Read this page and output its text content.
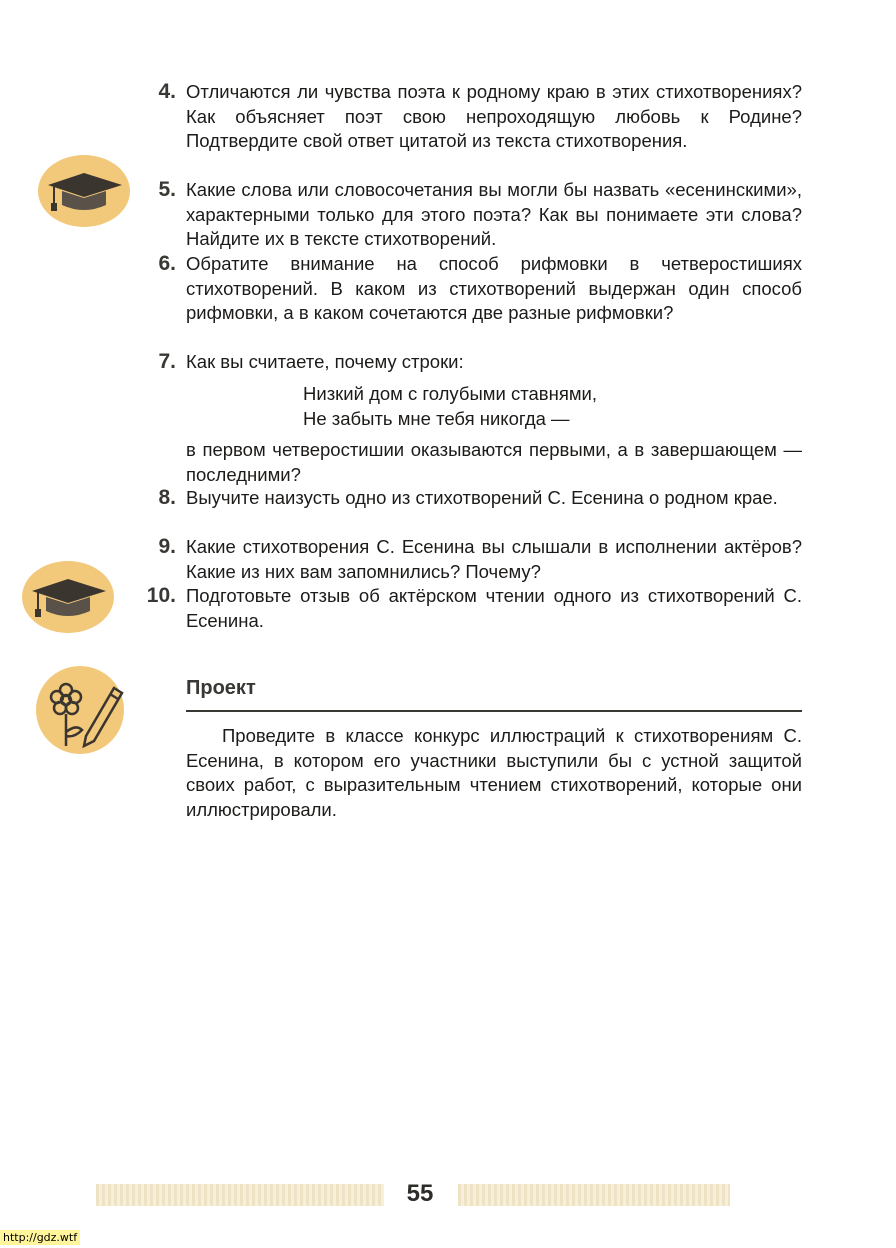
4. Отличаются ли чувства поэта к родному краю в этих стихотворениях? Как объясняет поэт свою непроходящую любовь к Родине? Подтвердите свой ответ цитатой из текста стихотворения.
5. Какие слова или словосочетания вы могли бы назвать «есенинскими», характерными только для этого поэта? Как вы понимаете эти слова? Найдите их в тексте стихотворений.
6. Обратите внимание на способ рифмовки в четверостишиях стихотворений. В каком из стихотворений выдержан один способ рифмовки, а в каком сочетаются две разные рифмовки?
7. Как вы считаете, почему строки:
Низкий дом с голубыми ставнями,
Не забыть мне тебя никогда —
в первом четверостишии оказываются первыми, а в завершающем — последними?
8. Выучите наизусть одно из стихотворений С. Есенина о родном крае.
9. Какие стихотворения С. Есенина вы слышали в исполнении актёров? Какие из них вам запомнились? Почему?
10. Подготовьте отзыв об актёрском чтении одного из стихотворений С. Есенина.
Проект
Проведите в классе конкурс иллюстраций к стихотворениям С. Есенина, в котором его участники выступили бы с устной защитой своих работ, с выразительным чтением стихотворений, которые они иллюстрировали.
55
http://gdz.wtf
